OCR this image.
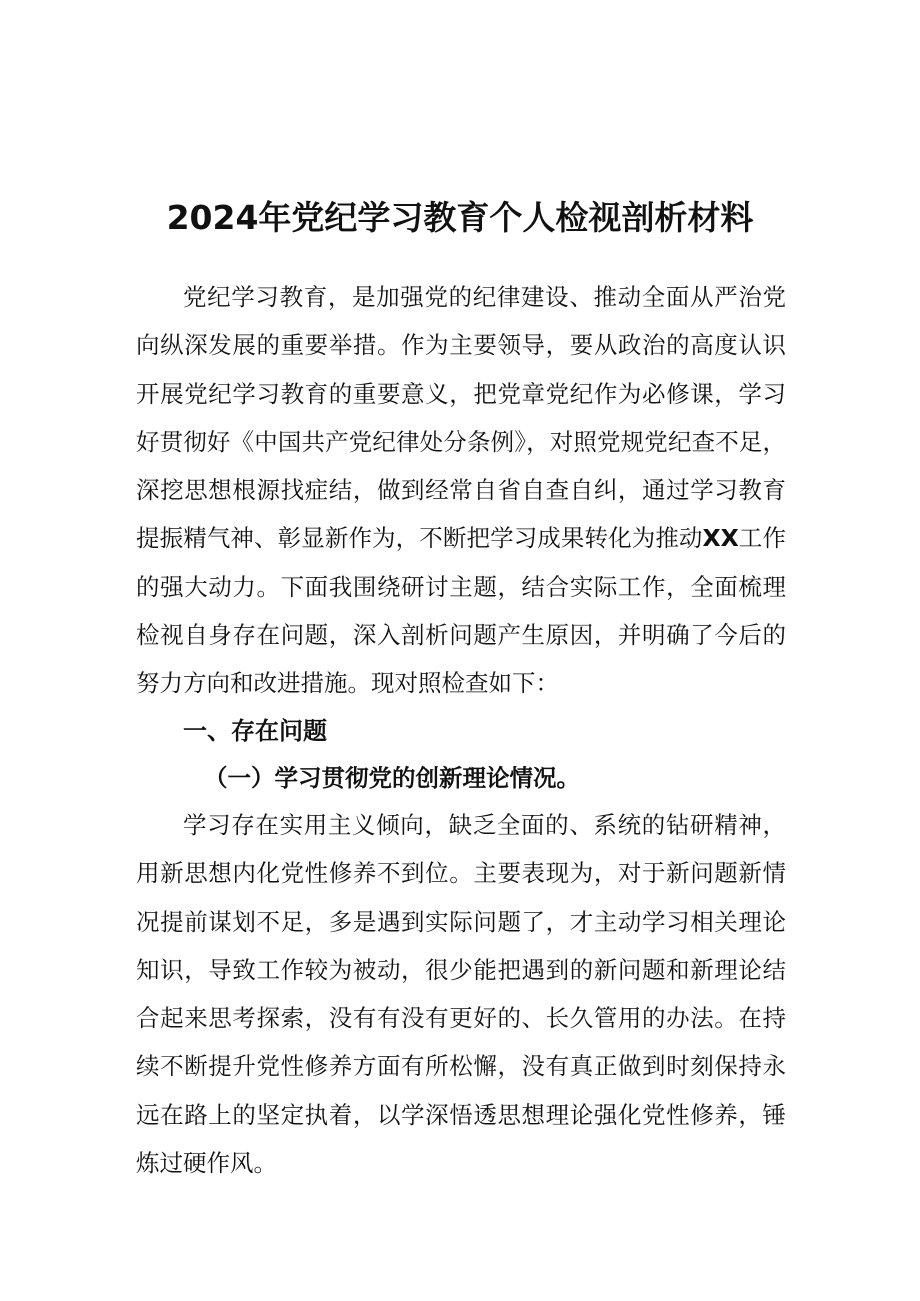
2024年党纪学习教育个人检视剖析材料

党纪学习教育，是加强党的纪律建设、推动全面从严治党向纵深发展的重要举措。作为主要领导，要从政治的高度认识开展党纪学习教育的重要意义，把党章党纪作为必修课，学习好贯彻好《中国共产党纪律处分条例》，对照党规党纪查不足，深挖思想根源找症结，做到经常自省自查自纠，通过学习教育提振精气神、彰显新作为，不断把学习成果转化为推动XX工作的强大动力。下面我围绕研讨主题，结合实际工作，全面梳理检视自身存在问题，深入剖析问题产生原因，并明确了今后的努力方向和改进措施。现对照检查如下：

一、存在问题
（一）学习贯彻党的创新理论情况。

学习存在实用主义倾向，缺乏全面的、系统的钻研精神，用新思想内化党性修养不到位。主要表现为，对于新问题新情况提前谋划不足，多是遇到实际问题了，才主动学习相关理论知识，导致工作较为被动，很少能把遇到的新问题和新理论结合起来思考探索，没有有没有更好的、长久管用的办法。在持续不断提升党性修养方面有所松懈，没有真正做到时刻保持永远在路上的坚定执着，以学深悟透思想理论强化党性修养，锤炼过硬作风。
